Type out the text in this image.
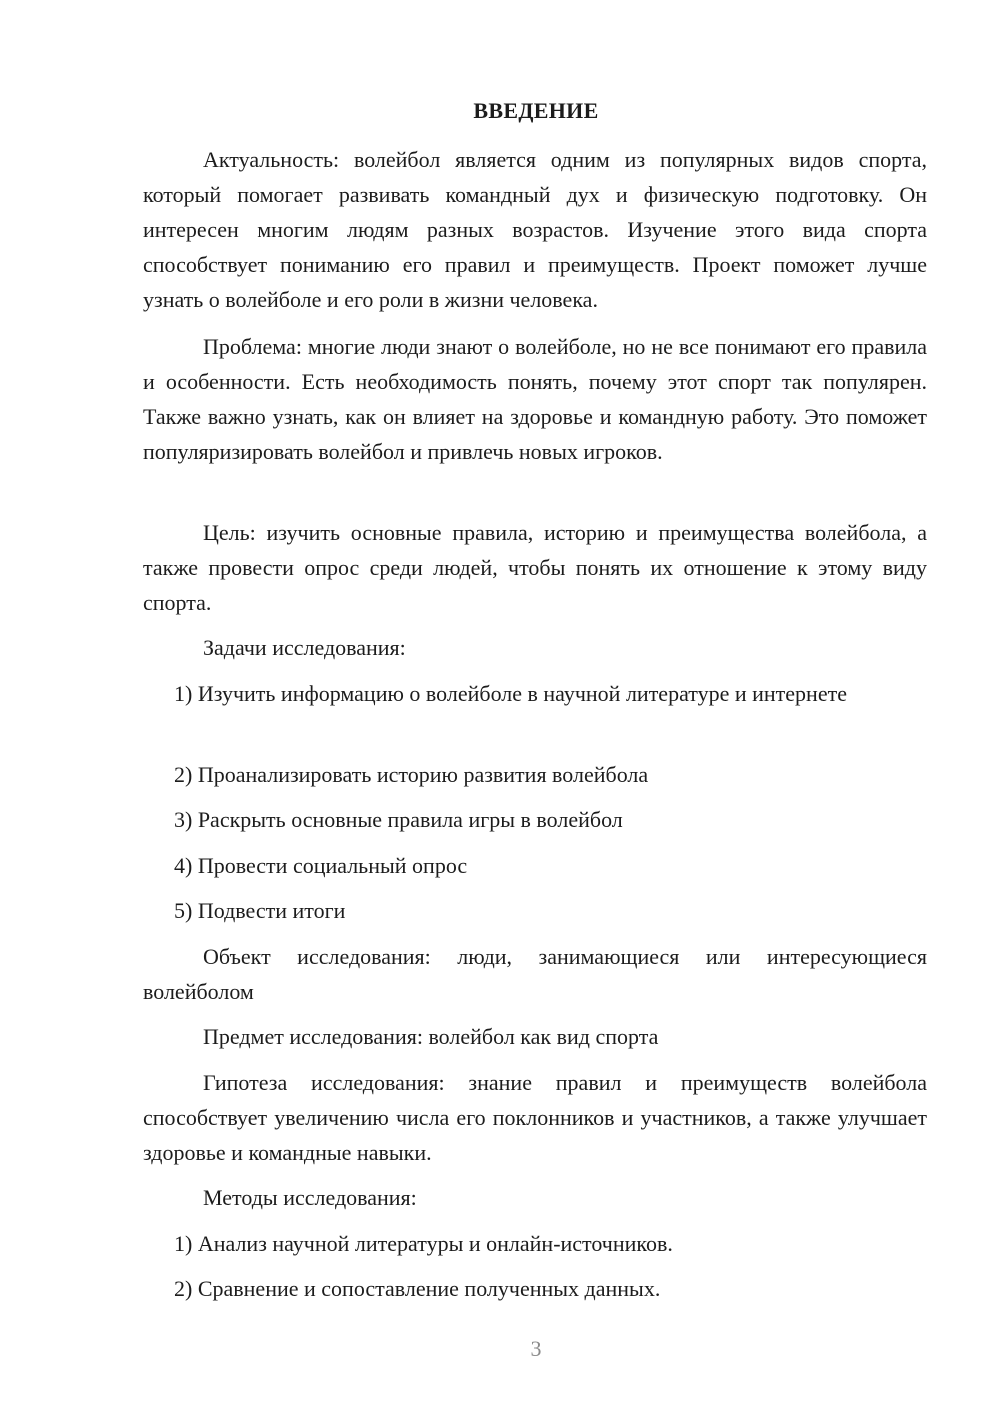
ВВЕДЕНИЕ

Актуальность: волейбол является одним из популярных видов спорта, который помогает развивать командный дух и физическую подготовку. Он интересен многим людям разных возрастов. Изучение этого вида спорта способствует пониманию его правил и преимуществ. Проект поможет лучше узнать о волейболе и его роли в жизни человека.

Проблема: многие люди знают о волейболе, но не все понимают его правила и особенности. Есть необходимость понять, почему этот спорт так популярен. Также важно узнать, как он влияет на здоровье и командную работу. Это поможет популяризировать волейбол и привлечь новых игроков.

Цель: изучить основные правила, историю и преимущества волейбола, а также провести опрос среди людей, чтобы понять их отношение к этому виду спорта.

Задачи исследования:

1) Изучить информацию о волейболе в научной литературе и интернете

2) Проанализировать историю развития волейбола

3) Раскрыть основные правила игры в волейбол

4) Провести социальный опрос

5) Подвести итоги

Объект исследования: люди, занимающиеся или интересующиеся волейболом

Предмет исследования: волейбол как вид спорта

Гипотеза исследования: знание правил и преимуществ волейбола способствует увеличению числа его поклонников и участников, а также улучшает здоровье и командные навыки.

Методы исследования:

1) Анализ научной литературы и онлайн-источников.

2) Сравнение и сопоставление полученных данных.

3
